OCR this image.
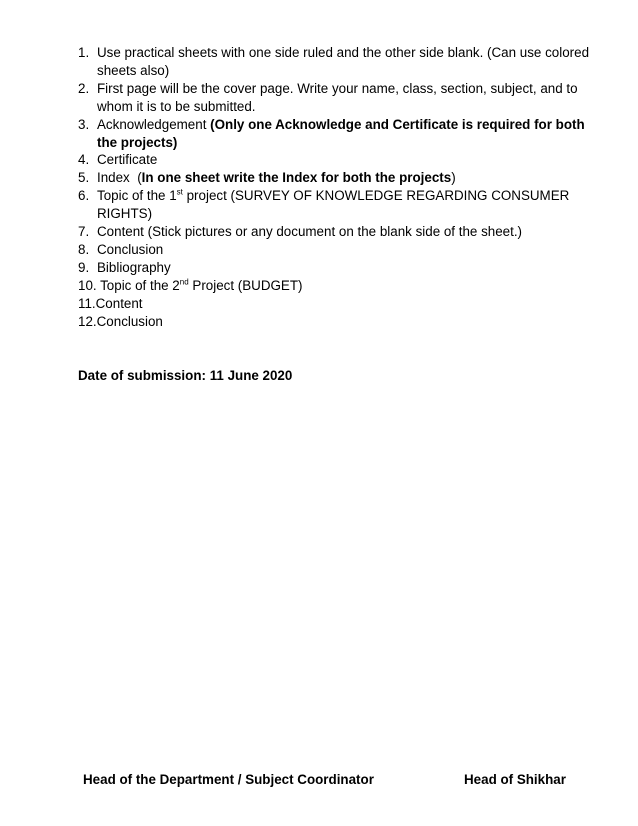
1. Use practical sheets with one side ruled and the other side blank. (Can use colored sheets also)
2. First page will be the cover page. Write your name, class, section, subject, and to whom it is to be submitted.
3. Acknowledgement (Only one Acknowledge and Certificate is required for both the projects)
4. Certificate
5. Index  (In one sheet write the Index for both the projects)
6. Topic of the 1st project (SURVEY OF KNOWLEDGE REGARDING CONSUMER RIGHTS)
7. Content (Stick pictures or any document on the blank side of the sheet.)
8. Conclusion
9. Bibliography
10. Topic of the 2nd Project (BUDGET)
11.Content
12.Conclusion
Date of submission: 11 June 2020
Head of the Department / Subject Coordinator	Head of Shikhar
